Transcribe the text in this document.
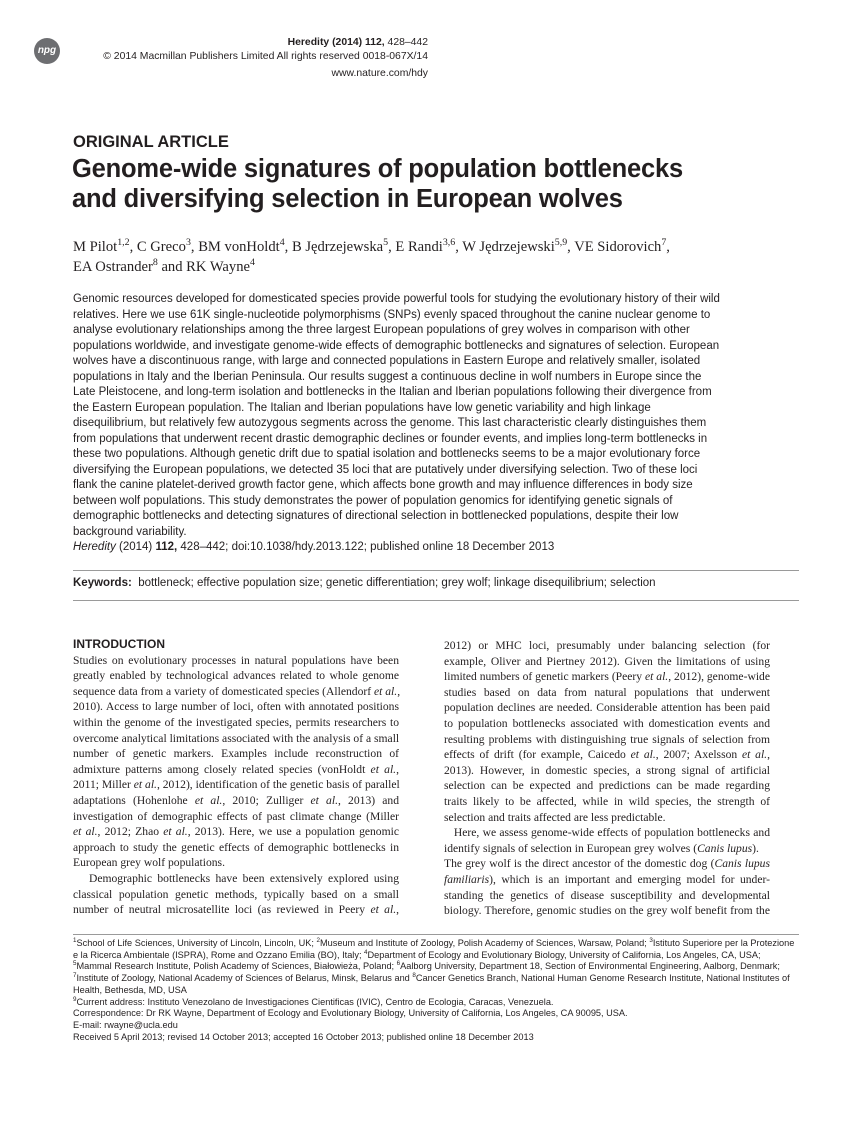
npg
Heredity (2014) 112, 428–442
© 2014 Macmillan Publishers Limited All rights reserved 0018-067X/14
www.nature.com/hdy
ORIGINAL ARTICLE
Genome-wide signatures of population bottlenecks
and diversifying selection in European wolves
M Pilot$^{1,2}$, C Greco$^3$, BM vonHoldt$^4$, B Jędrzejewska$^5$, E Randi$^{3,6}$, W Jędrzejewski$^{5,9}$, VE Sidorovich$^7$,
EA Ostrander$^8$ and RK Wayne$^4$
Genomic resources developed for domesticated species provide powerful tools for studying the evolutionary history of their wild
relatives. Here we use 61K single-nucleotide polymorphisms (SNPs) evenly spaced throughout the canine nuclear genome to
analyse evolutionary relationships among the three largest European populations of grey wolves in comparison with other
populations worldwide, and investigate genome-wide effects of demographic bottlenecks and signatures of selection. European
wolves have a discontinuous range, with large and connected populations in Eastern Europe and relatively smaller, isolated
populations in Italy and the Iberian Peninsula. Our results suggest a continuous decline in wolf numbers in Europe since the
Late Pleistocene, and long-term isolation and bottlenecks in the Italian and Iberian populations following their divergence from
the Eastern European population. The Italian and Iberian populations have low genetic variability and high linkage
disequilibrium, but relatively few autozygous segments across the genome. This last characteristic clearly distinguishes them
from populations that underwent recent drastic demographic declines or founder events, and implies long-term bottlenecks in
these two populations. Although genetic drift due to spatial isolation and bottlenecks seems to be a major evolutionary force
diversifying the European populations, we detected 35 loci that are putatively under diversifying selection. Two of these loci
flank the canine platelet-derived growth factor gene, which affects bone growth and may influence differences in body size
between wolf populations. This study demonstrates the power of population genomics for identifying genetic signals of
demographic bottlenecks and detecting signatures of directional selection in bottlenecked populations, despite their low
background variability.
Heredity (2014) 112, 428–442; doi:10.1038/hdy.2013.122; published online 18 December 2013
Keywords: bottleneck; effective population size; genetic differentiation; grey wolf; linkage disequilibrium; selection
INTRODUCTION
Studies on evolutionary processes in natural populations have been
greatly enabled by technological advances related to whole genome
sequence data from a variety of domesticated species (Allendorf et al.,
2010). Access to large number of loci, often with annotated positions
within the genome of the investigated species, permits researchers to
overcome analytical limitations associated with the analysis of a small
number of genetic markers. Examples include reconstruction of
admixture patterns among closely related species (vonHoldt et al.,
2011; Miller et al., 2012), identification of the genetic basis of parallel
adaptations (Hohenlohe et al., 2010; Zulliger et al., 2013) and
investigation of demographic effects of past climate change (Miller
et al., 2012; Zhao et al., 2013). Here, we use a population genomic
approach to study the genetic effects of demographic bottlenecks in
European grey wolf populations.
Demographic bottlenecks have been extensively explored using
classical population genetic methods, typically based on a small
number of neutral microsatellite loci (as reviewed in Peery et al.,
2012) or MHC loci, presumably under balancing selection (for
example, Oliver and Piertney 2012). Given the limitations of using
limited numbers of genetic markers (Peery et al., 2012), genome-wide
studies based on data from natural populations that underwent
population declines are needed. Considerable attention has been paid
to population bottlenecks associated with domestication events and
resulting problems with distinguishing true signals of selection from
effects of drift (for example, Caicedo et al., 2007; Axelsson et al.,
2013). However, in domestic species, a strong signal of artificial
selection can be expected and predictions can be made regarding
traits likely to be affected, while in wild species, the strength of
selection and traits affected are less predictable.
Here, we assess genome-wide effects of population bottlenecks and
identify signals of selection in European grey wolves (Canis lupus).
The grey wolf is the direct ancestor of the domestic dog (Canis lupus
familiaris), which is an important and emerging model for under-
standing the genetics of disease susceptibility and developmental
biology. Therefore, genomic studies on the grey wolf benefit from the
$^1$School of Life Sciences, University of Lincoln, Lincoln, UK; $^2$Museum and Institute of Zoology, Polish Academy of Sciences, Warsaw, Poland; $^3$Istituto Superiore per la Protezione
e la Ricerca Ambientale (ISPRA), Rome and Ozzano Emilia (BO), Italy; $^4$Department of Ecology and Evolutionary Biology, University of California, Los Angeles, CA, USA;
$^5$Mammal Research Institute, Polish Academy of Sciences, Białowieża, Poland; $^6$Aalborg University, Department 18, Section of Environmental Engineering, Aalborg, Denmark;
$^7$Institute of Zoology, National Academy of Sciences of Belarus, Minsk, Belarus and $^8$Cancer Genetics Branch, National Human Genome Research Institute, National Institutes of
Health, Bethesda, MD, USA
$^9$Current address: Instituto Venezolano de Investigaciones Cientificas (IVIC), Centro de Ecologia, Caracas, Venezuela.
Correspondence: Dr RK Wayne, Department of Ecology and Evolutionary Biology, University of California, Los Angeles, CA 90095, USA.
E-mail: rwayne@ucla.edu
Received 5 April 2013; revised 14 October 2013; accepted 16 October 2013; published online 18 December 2013
